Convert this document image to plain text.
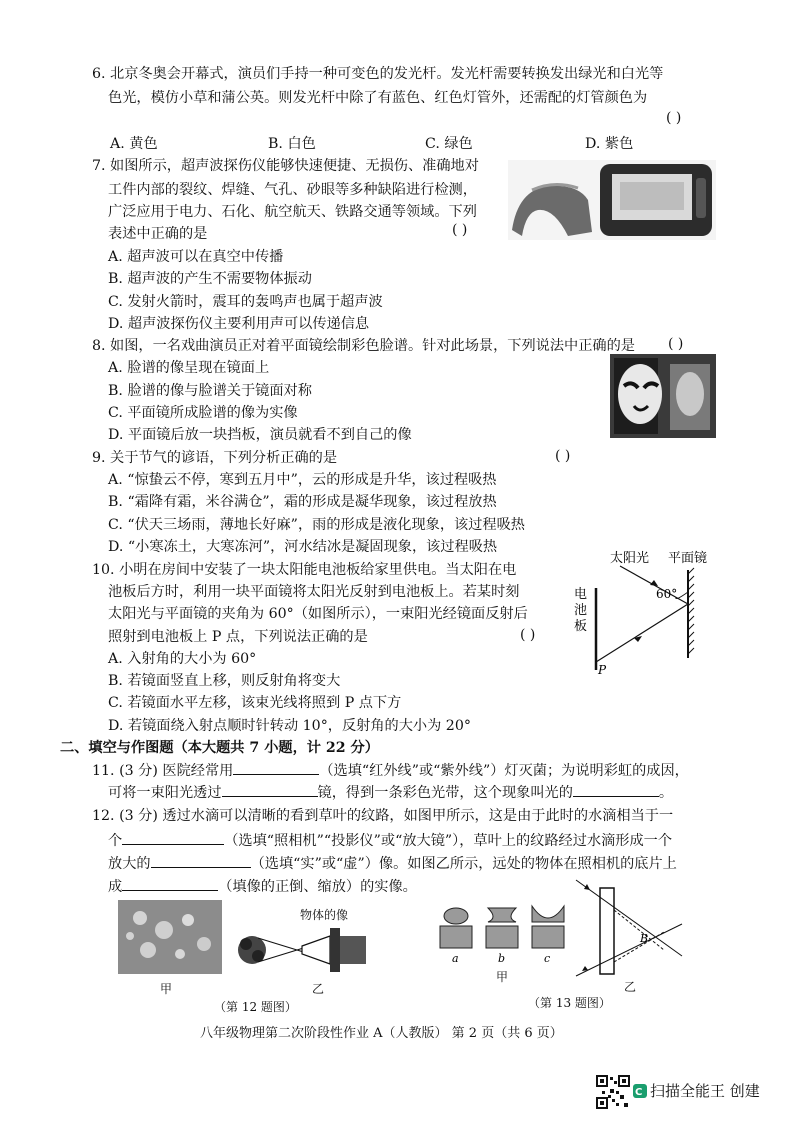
6. 北京冬奥会开幕式，演员们手持一种可变色的发光杆。发光杆需要转换发出绿光和白光等
色光，模仿小草和蒲公英。则发光杆中除了有蓝色、红色灯管外，还需配的灯管颜色为
( )
A. 黄色	B. 白色	C. 绿色	D. 紫色
7. 如图所示，超声波探伤仪能够快速便捷、无损伤、准确地对
工件内部的裂纹、焊缝、气孔、砂眼等多种缺陷进行检测，
广泛应用于电力、石化、航空航天、铁路交通等领域。下列
表述中正确的是	( )
A. 超声波可以在真空中传播
B. 超声波的产生不需要物体振动
C. 发射火箭时，震耳的轰鸣声也属于超声波
D. 超声波探伤仪主要利用声可以传递信息
8. 如图，一名戏曲演员正对着平面镜绘制彩色脸谱。针对此场景，下列说法中正确的是 ( )
A. 脸谱的像呈现在镜面上
B. 脸谱的像与脸谱关于镜面对称
C. 平面镜所成脸谱的像为实像
D. 平面镜后放一块挡板，演员就看不到自己的像
9. 关于节气的谚语，下列分析正确的是	( )
A. “惊蛰云不停，寒到五月中”，云的形成是升华，该过程吸热
B. “霜降有霜，米谷满仓”，霜的形成是凝华现象，该过程放热
C. “伏天三场雨，薄地长好麻”，雨的形成是液化现象，该过程吸热
D. “小寒冻土，大寒冻河”，河水结冰是凝固现象，该过程吸热
10. 小明在房间中安装了一块太阳能电池板给家里供电。当太阳在电
池板后方时，利用一块平面镜将太阳光反射到电池板上。若某时刻
太阳光与平面镜的夹角为 60°（如图所示），一束阳光经镜面反射后
照射到电池板上 P 点，下列说法正确的是	( )
A. 入射角的大小为 60°
B. 若镜面竖直上移，则反射角将变大
C. 若镜面水平左移，该束光线将照到 P 点下方
D. 若镜面绕入射点顺时针转动 10°，反射角的大小为 20°
60°
太阳光 平面镜
电
池
板
P
二、填空与作图题（本大题共 7 小题，计 22 分）
11. (3 分) 医院经常用	（选填“红外线”或“紫外线”）灯灭菌；为说明彩虹的成因，
可将一束阳光透过	镜，得到一条彩色光带，这个现象叫光的	。
12. (3 分) 透过水滴可以清晰的看到草叶的纹路，如图甲所示，这是由于此时的水滴相当于一
个	（选填“照相机”“投影仪”或“放大镜”），草叶上的纹路经过水滴形成一个
放大的	（选填“实”或“虚”）像。如图乙所示，远处的物体在照相机的底片上
成	（填像的正倒、缩放）的实像。
甲
物体的像
乙
（第 12 题图）
a	b	c
甲
B
乙
（第 13 题图）
八年级物理第二次阶段性作业 A（人教版） 第 2 页（共 6 页）
C 扫描全能王 创建
